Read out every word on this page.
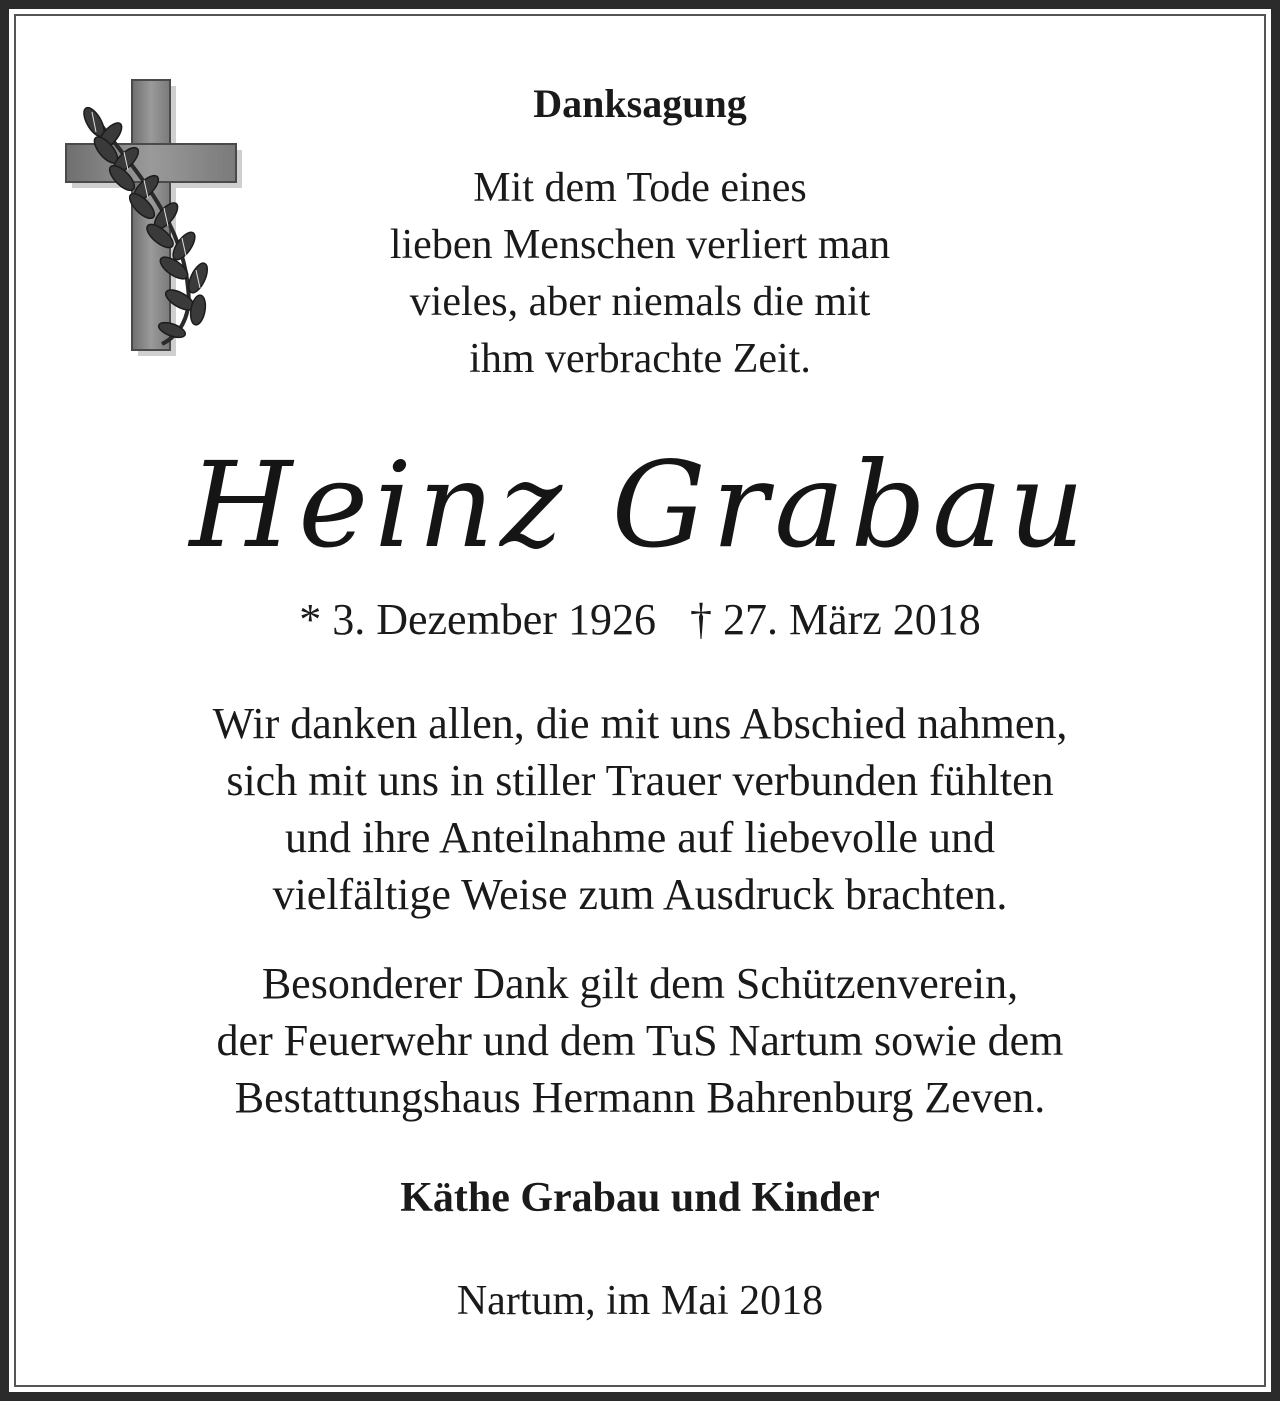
Danksagung
Mit dem Tode eines
lieben Menschen verliert man
vieles, aber niemals die mit
ihm verbrachte Zeit.
Heinz Grabau
* 3. Dezember 1926 † 27. März 2018
Wir danken allen, die mit uns Abschied nahmen,
sich mit uns in stiller Trauer verbunden fühlten
und ihre Anteilnahme auf liebevolle und
vielfältige Weise zum Ausdruck brachten.
Besonderer Dank gilt dem Schützenverein,
der Feuerwehr und dem TuS Nartum sowie dem
Bestattungshaus Hermann Bahrenburg Zeven.
Käthe Grabau und Kinder
Nartum, im Mai 2018
